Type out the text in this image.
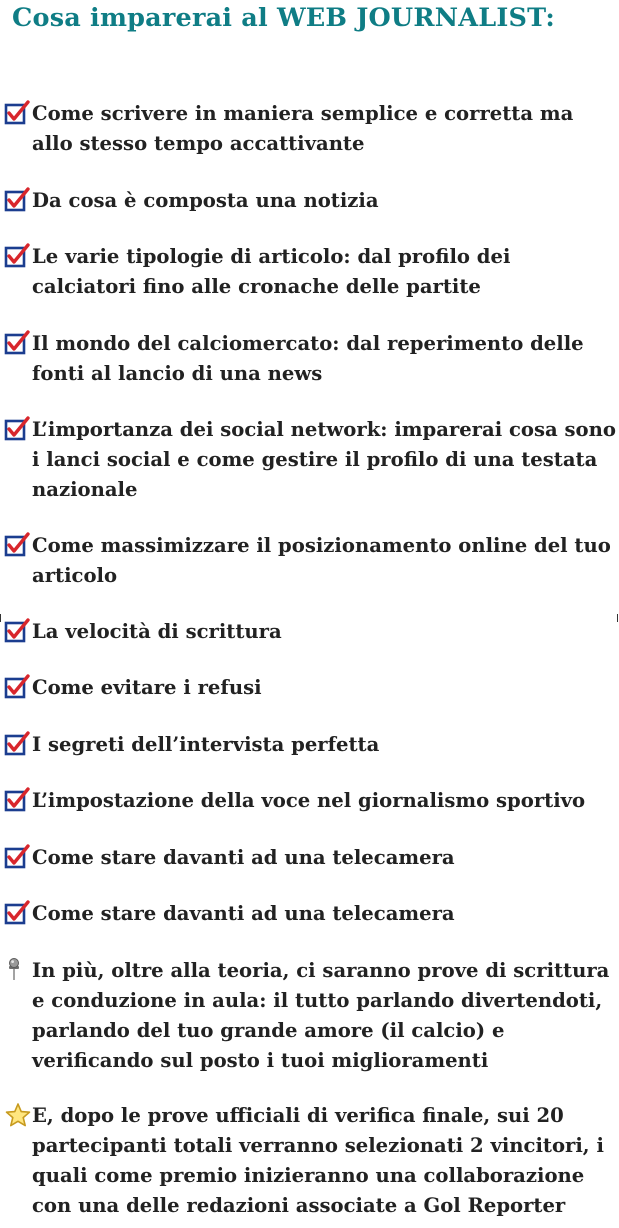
Cosa imparerai al WEB JOURNALIST:

Come scrivere in maniera semplice e corretta ma allo stesso tempo accattivante

Da cosa è composta una notizia

Le varie tipologie di articolo: dal profilo dei calciatori fino alle cronache delle partite

Il mondo del calciomercato: dal reperimento delle fonti al lancio di una news

L’importanza dei social network: imparerai cosa sono i lanci social e come gestire il profilo di una testata nazionale

Come massimizzare il posizionamento online del tuo articolo

La velocità di scrittura

Come evitare i refusi

I segreti dell’intervista perfetta

L’impostazione della voce nel giornalismo sportivo

Come stare davanti ad una telecamera

Come stare davanti ad una telecamera

In più, oltre alla teoria, ci saranno prove di scrittura e conduzione in aula: il tutto parlando divertendoti, parlando del tuo grande amore (il calcio) e verificando sul posto i tuoi miglioramenti

E, dopo le prove ufficiali di verifica finale, sui 20 partecipanti totali verranno selezionati 2 vincitori, i quali come premio inizieranno una collaborazione con una delle redazioni associate a Gol Reporter
